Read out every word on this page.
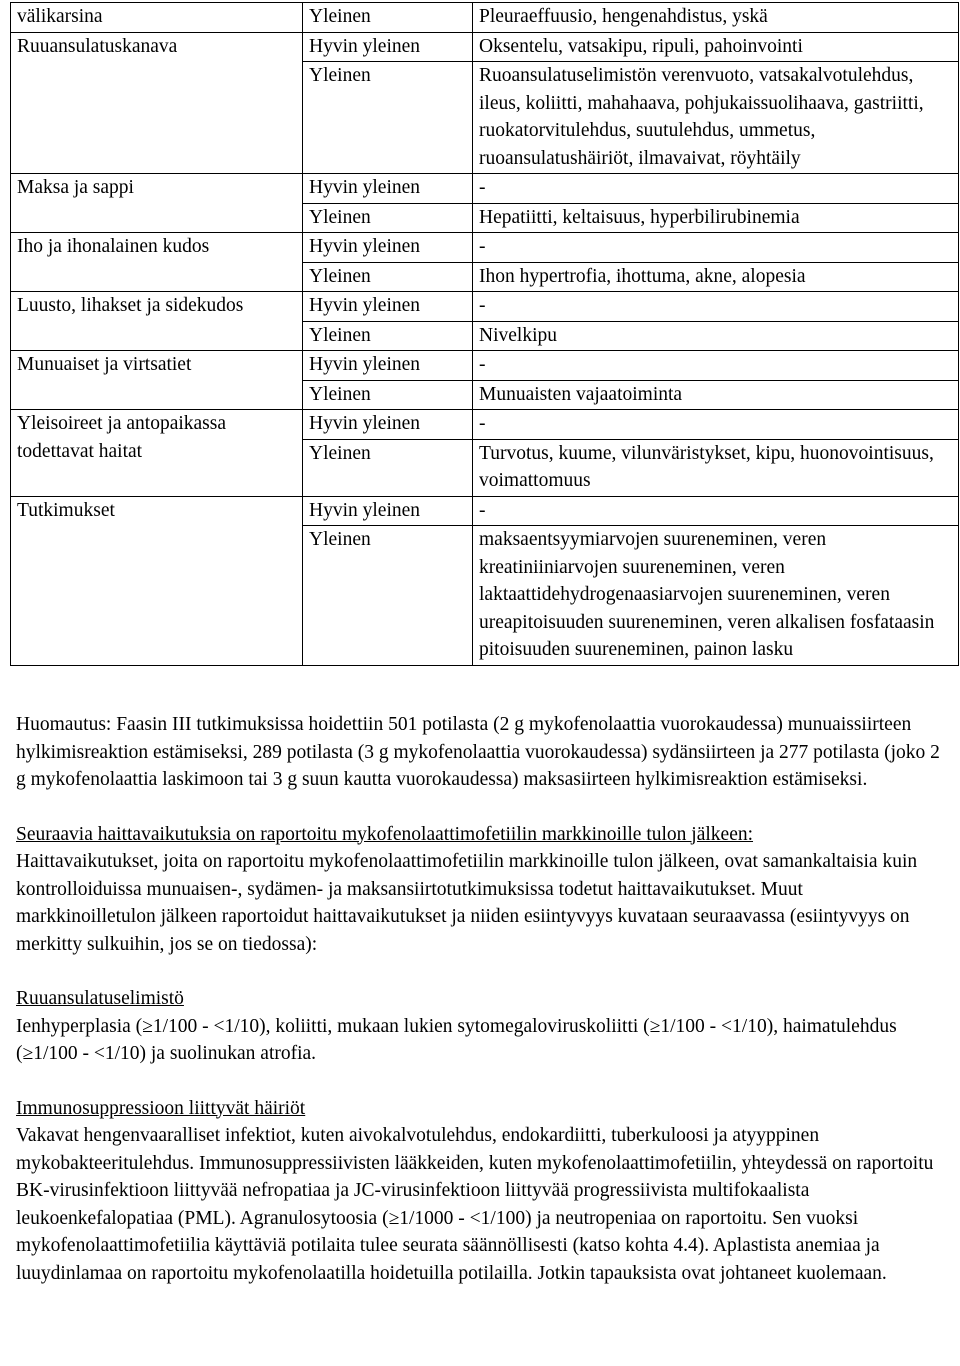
välikarsina	Yleinen	Pleuraeffuusio, hengenahdistus, yskä
Ruuansulatuskanava	Hyvin yleinen	Oksentelu, vatsakipu, ripuli, pahoinvointi
	Yleinen	Ruoansulatuselimistön verenvuoto, vatsakalvotulehdus, ileus, koliitti, mahahaava, pohjukaissuolihaava, gastriitti, ruokatorvitulehdus, suutulehdus, ummetus, ruoansulatushäiriöt, ilmavaivat, röyhtäily
Maksa ja sappi	Hyvin yleinen	-
	Yleinen	Hepatiitti, keltaisuus, hyperbilirubinemia
Iho ja ihonalainen kudos	Hyvin yleinen	-
	Yleinen	Ihon hypertrofia, ihottuma, akne, alopesia
Luusto, lihakset ja sidekudos	Hyvin yleinen	-
	Yleinen	Nivelkipu
Munuaiset ja virtsatiet	Hyvin yleinen	-
	Yleinen	Munuaisten vajaatoiminta
Yleisoireet ja antopaikassa todettavat haitat	Hyvin yleinen	-
	Yleinen	Turvotus, kuume, vilunväristykset, kipu, huonovointisuus, voimattomuus
Tutkimukset	Hyvin yleinen	-
	Yleinen	maksaentsyymiarvojen suureneminen, veren kreatiniiniarvojen suureneminen, veren laktaattidehydrogenaasiarvojen suureneminen, veren ureapitoisuuden suureneminen, veren alkalisen fosfataasin pitoisuuden suureneminen, painon lasku

Huomautus: Faasin III tutkimuksissa hoidettiin 501 potilasta (2 g mykofenolaattia vuorokaudessa) munuaissiirteen hylkimisreaktion estämiseksi, 289 potilasta (3 g mykofenolaattia vuorokaudessa) sydänsiirteen ja 277 potilasta (joko 2 g mykofenolaattia laskimoon tai 3 g suun kautta vuorokaudessa) maksasiirteen hylkimisreaktion estämiseksi.

Seuraavia haittavaikutuksia on raportoitu mykofenolaattimofetiilin markkinoille tulon jälkeen:

Haittavaikutukset, joita on raportoitu mykofenolaattimofetiilin markkinoille tulon jälkeen, ovat samankaltaisia kuin kontrolloiduissa munuaisen-, sydämen- ja maksansiirtotutkimuksissa todetut haittavaikutukset. Muut markkinoilletulon jälkeen raportoidut haittavaikutukset ja niiden esiintyvyys kuvataan seuraavassa (esiintyvyys on merkitty sulkuihin, jos se on tiedossa):

Ruuansulatuselimistö

Ienhyperplasia (≥1/100 - <1/10), koliitti, mukaan lukien sytomegaloviruskoliitti (≥1/100 - <1/10), haimatulehdus (≥1/100 - <1/10) ja suolinukan atrofia.

Immunosuppressioon liittyvät häiriöt

Vakavat hengenvaaralliset infektiot, kuten aivokalvotulehdus, endokardiitti, tuberkuloosi ja atyyppinen mykobakteeritulehdus. Immunosuppressiivisten lääkkeiden, kuten mykofenolaattimofetiilin, yhteydessä on raportoitu BK-virusinfektioon liittyvää nefropatiaa ja JC-virusinfektioon liittyvää progressiivista multifokaalista leukoenkefalopatiaa (PML). Agranulosytoosia (≥1/1000 - <1/100) ja neutropeniaa on raportoitu. Sen vuoksi mykofenolaattimofetiilia käyttäviä potilaita tulee seurata säännöllisesti (katso kohta 4.4). Aplastista anemiaa ja luuydinlamaa on raportoitu mykofenolaatilla hoidetuilla potilailla. Jotkin tapauksista ovat johtaneet kuolemaan.
